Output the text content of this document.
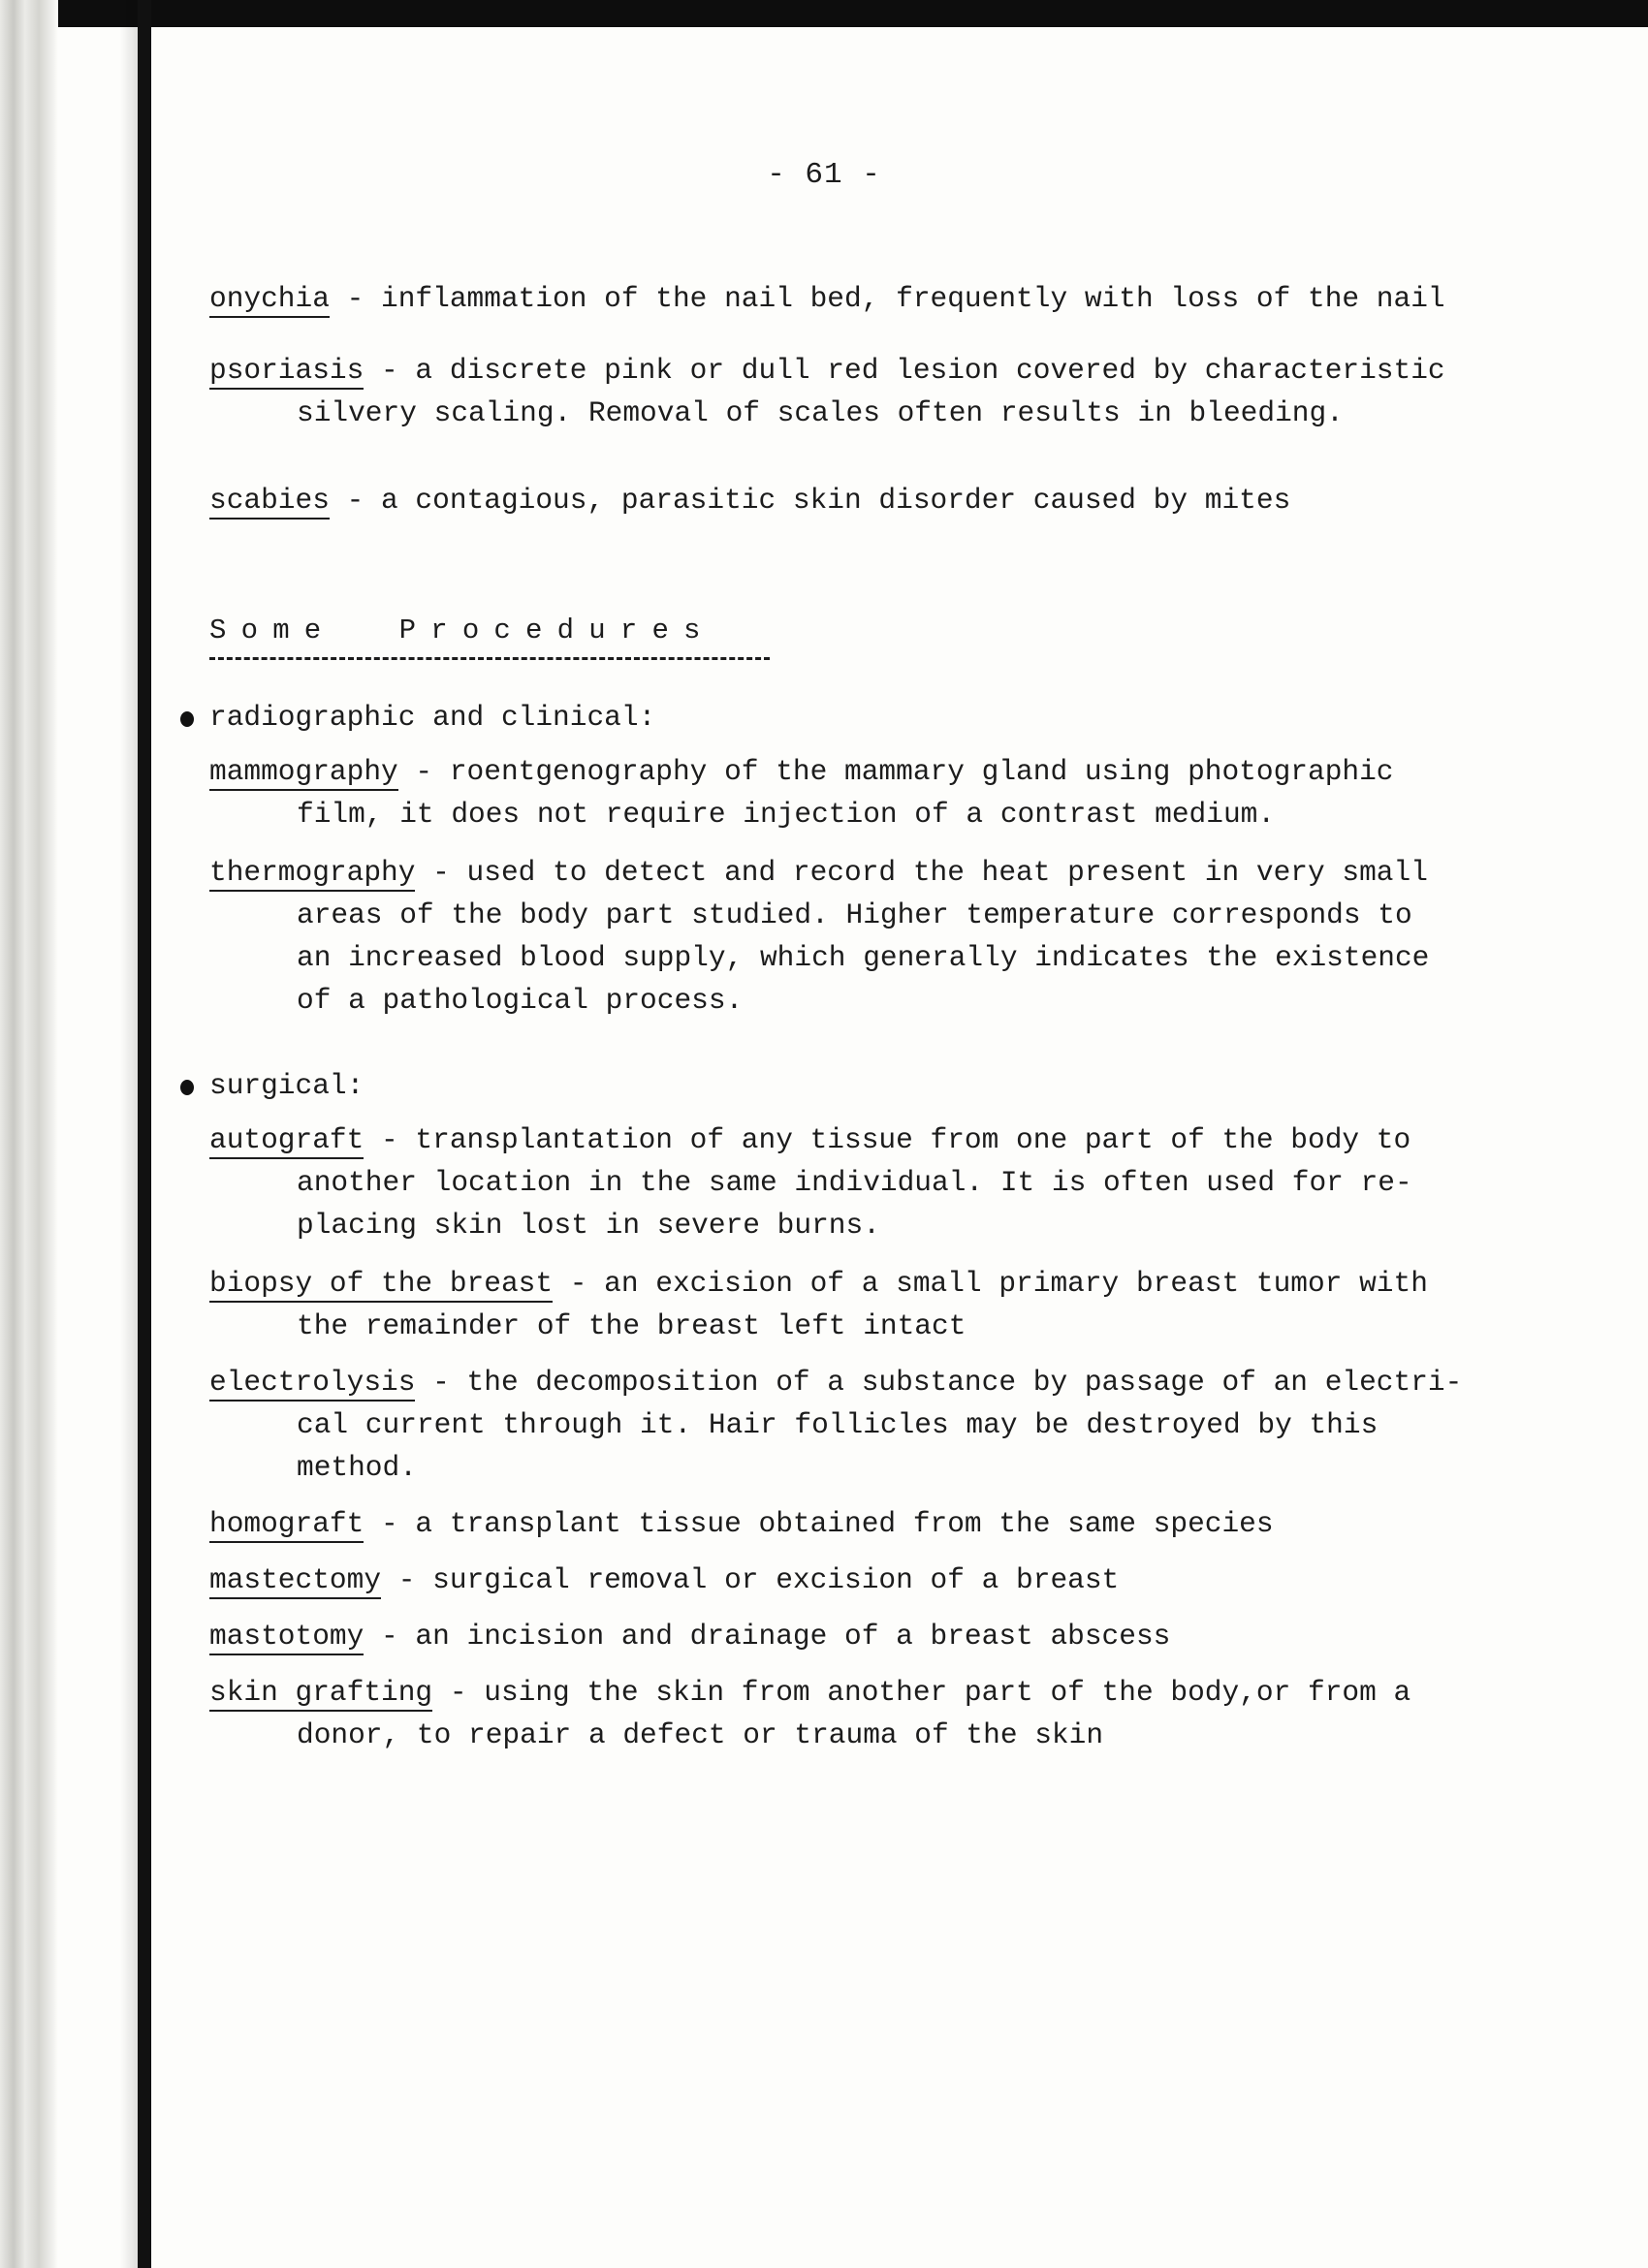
- 61 -
onychia - inflammation of the nail bed, frequently with loss of the nail
psoriasis - a discrete pink or dull red lesion covered by characteristic
silvery scaling. Removal of scales often results in bleeding.
scabies - a contagious, parasitic skin disorder caused by mites
Some  Procedures
radiographic and clinical:
mammography - roentgenography of the mammary gland using photographic
film, it does not require injection of a contrast medium.
thermography - used to detect and record the heat present in very small
areas of the body part studied. Higher temperature corresponds to
an increased blood supply, which generally indicates the existence
of a pathological process.
surgical:
autograft - transplantation of any tissue from one part of the body to
another location in the same individual. It is often used for re-
placing skin lost in severe burns.
biopsy of the breast - an excision of a small primary breast tumor with
the remainder of the breast left intact
electrolysis - the decomposition of a substance by passage of an electri-
cal current through it. Hair follicles may be destroyed by this
method.
homograft - a transplant tissue obtained from the same species
mastectomy - surgical removal or excision of a breast
mastotomy - an incision and drainage of a breast abscess
skin grafting - using the skin from another part of the body,or from a
donor, to repair a defect or trauma of the skin
